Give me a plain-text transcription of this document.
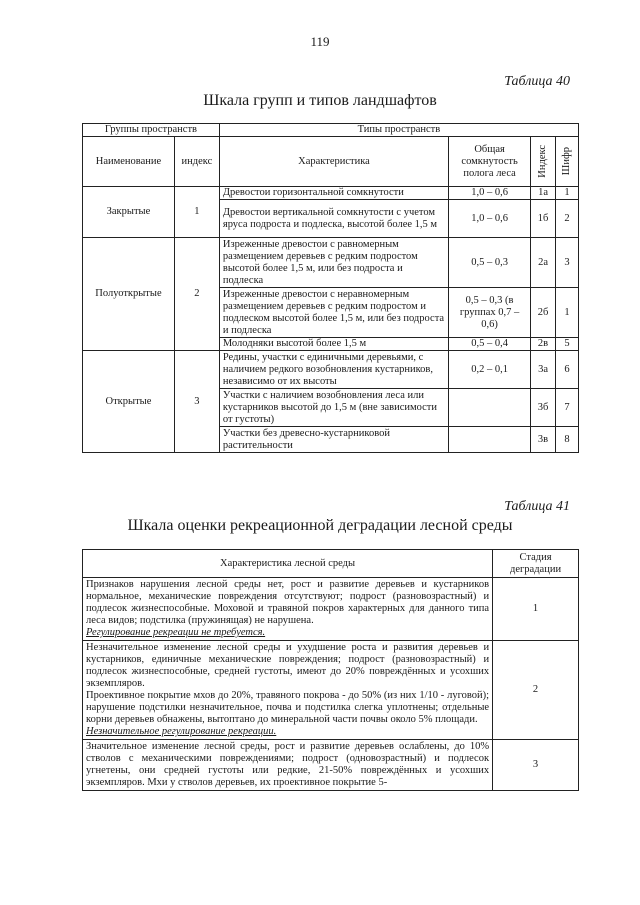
119
Таблица 40
Шкала групп и типов ландшафтов
Группы пространств		Типы пространств			
Наименование	индекс	Характеристика	Общая сомкнутость полога леса	Индекс	Шифр

Закрытые	1	Древостои горизонтальной сомкнутости	1,0 – 0,6	1а	1
		Древостои вертикальной сомкнутости с учетом яруса подроста и подлеска, высотой более 1,5 м	1,0 – 0,6	1б	2
Полуоткрытые	2	Изреженные древостои с равномерным размещением деревьев с редким подростом высотой более 1,5 м, или без подроста и подлеска	0,5 – 0,3	2а	3
		Изреженные древостои с неравномерным размещением деревьев с редким подростом и подлеском высотой более 1,5 м, или без подроста и подлеска	0,5 – 0,3 (в группах 0,7 – 0,6)	2б	1
		Молодняки высотой более 1,5 м	0,5 – 0,4	2в	5
Открытые	3	Редины, участки с единичными деревьями, с наличием редкого возобновления кустарников, независимо от их высоты	0,2 – 0,1	3а	6
		Участки с наличием возобновления леса или кустарников высотой до 1,5 м (вне зависимости от густоты)		3б	7
		Участки без древесно-кустарниковой растительности		3в	8
Таблица 41
Шкала оценки рекреационной деградации лесной среды
Характеристика лесной среды	Стадия деградации

Признаков нарушения лесной среды нет, рост и развитие деревьев и кустарников нормальное, механические повреждения отсутствуют; подрост (разновозрастный) и подлесок жизнеспособные. Моховой и травяной покров характерных для данного типа леса видов; подстилка (пружинящая) не нарушена.
Регулирование рекреации не требуется.	1

Незначительное изменение лесной среды и ухудшение роста и развития деревьев и кустарников, единичные механические повреждения; подрост (разновозрастный) и подлесок жизнеспособные, средней густоты, имеют до 20% повреждённых и усохших экземпляров.
Проективное покрытие мхов до 20%, травяного покрова - до 50% (из них 1/10 - луговой); нарушение подстилки незначительное, почва и подстилка слегка уплотнены; отдельные корни деревьев обнажены, вытоптано до минеральной части почвы около 5% площади.
Незначительное регулирование рекреации.	2

Значительное изменение лесной среды, рост и развитие деревьев ослаблены, до 10% стволов с механическими повреждениями; подрост (одновозрастный) и подлесок угнетены, они средней густоты или редкие, 21-50% повреждённых и усохших экземпляров. Мхи у стволов деревьев, их проективное покрытие 5-	3
